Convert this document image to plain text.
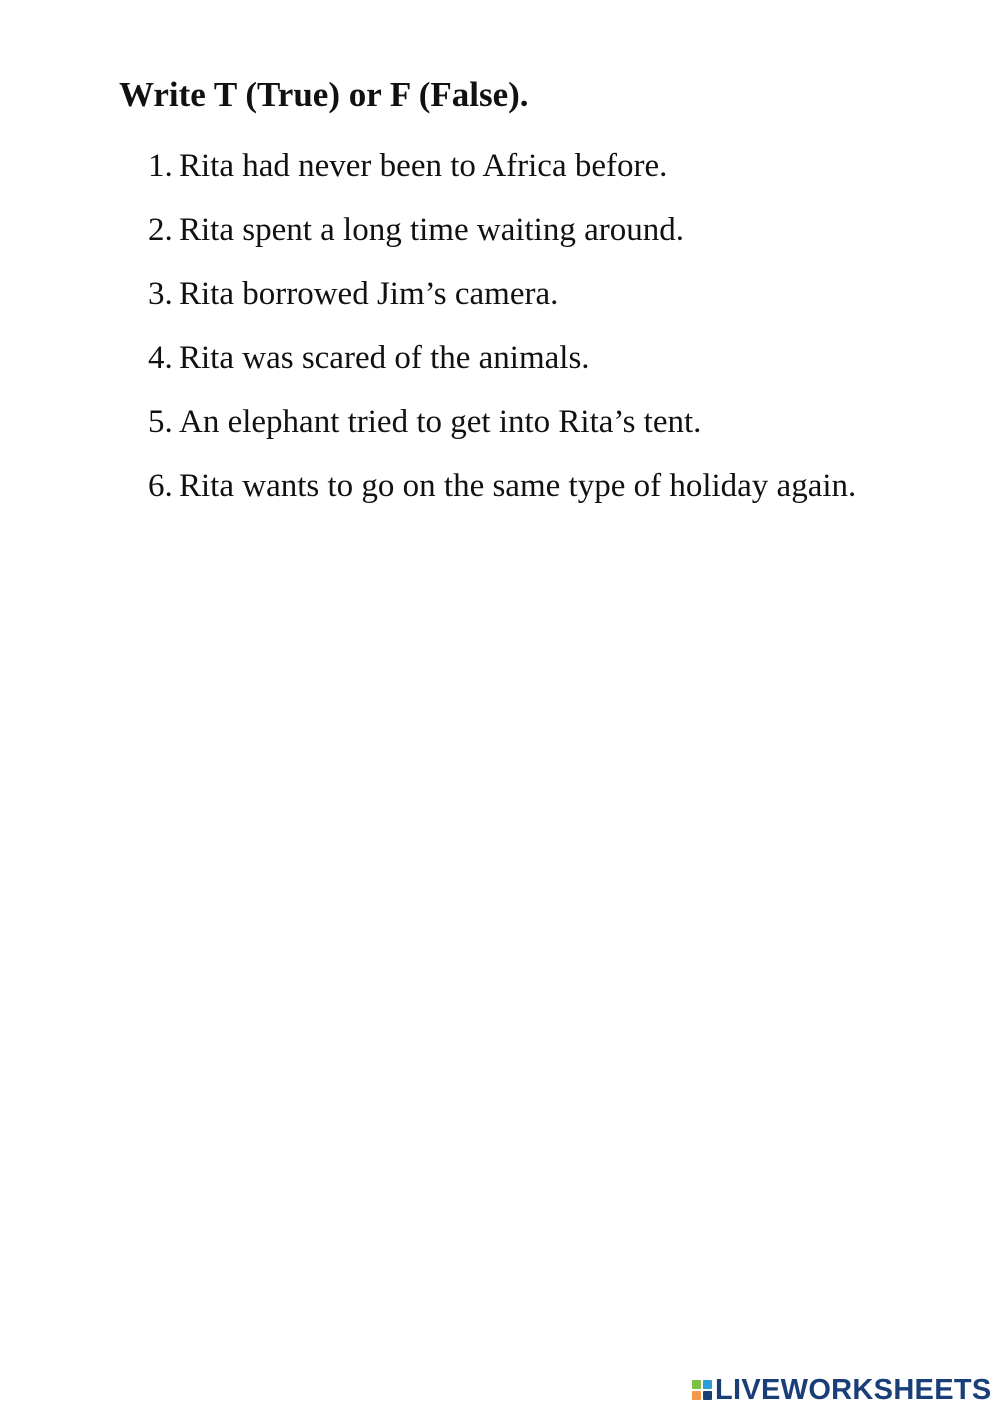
Write T (True) or F (False).
1. Rita had never been to Africa before.
2. Rita spent a long time waiting around.
3. Rita borrowed Jim’s camera.
4. Rita was scared of the animals.
5. An elephant tried to get into Rita’s tent.
6. Rita wants to go on the same type of holiday again.
LIVEWORKSHEETS
